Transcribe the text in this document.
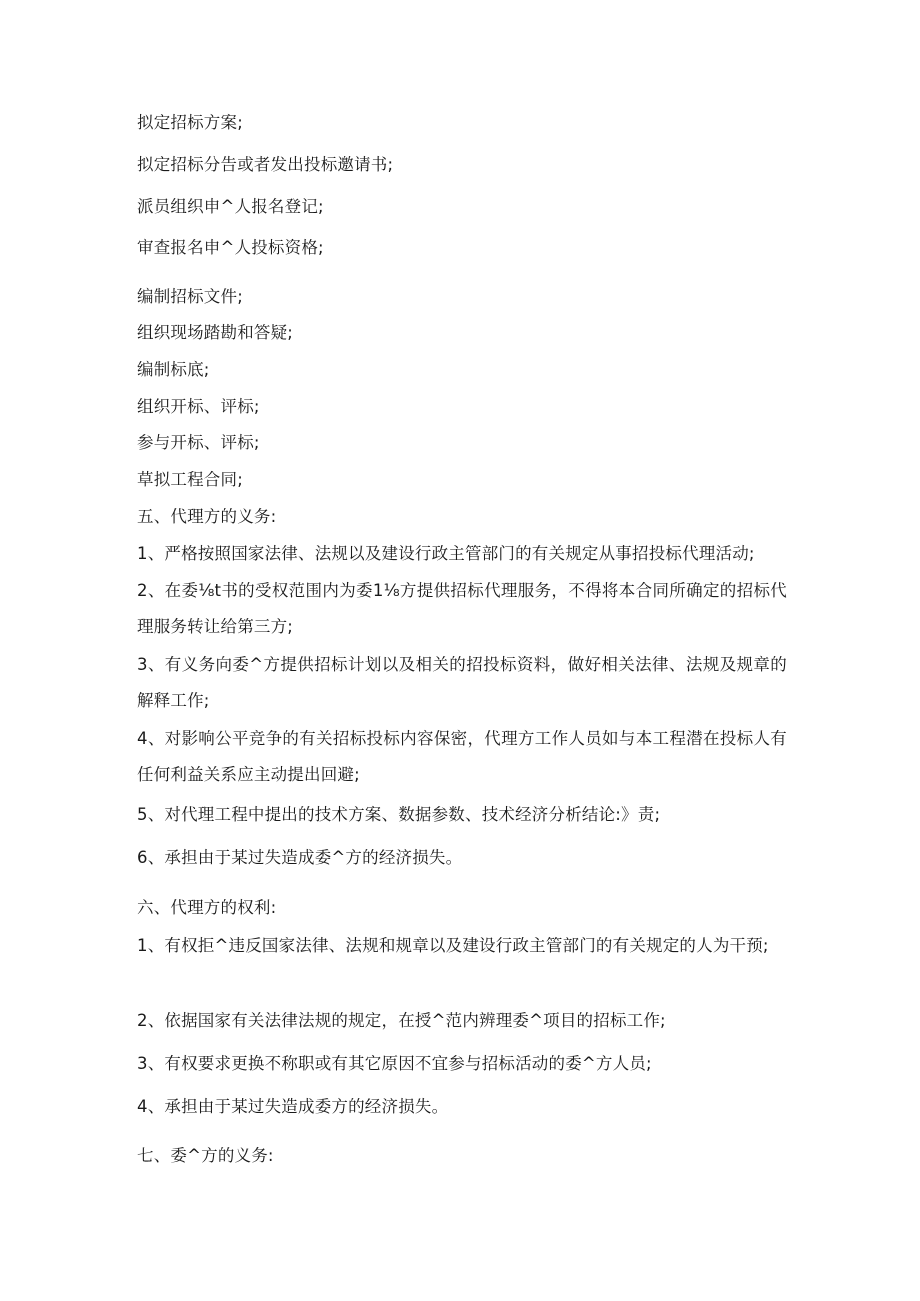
拟定招标方案;
拟定招标分告或者发出投标邀请书;
派员组织申^人报名登记;
审查报名申^人投标资格;
编制招标文件;
组织现场踏勘和答疑;
编制标底;
组织开标、评标;
参与开标、评标;
草拟工程合同;
五、代理方的义务:
1、严格按照国家法律、法规以及建设行政主管部门的有关规定从事招投标代理活动;
2、在委⅛t书的受权范围内为委1⅛方提供招标代理服务，不得将本合同所确定的招标代理服务转让给第三方;
3、有义务向委^方提供招标计划以及相关的招投标资料，做好相关法律、法规及规章的解释工作;
4、对影响公平竞争的有关招标投标内容保密，代理方工作人员如与本工程潜在投标人有任何利益关系应主动提出回避;
5、对代理工程中提出的技术方案、数据参数、技术经济分析结论:》责;
6、承担由于某过失造成委^方的经济损失。
六、代理方的权利:
1、有权拒^违反国家法律、法规和规章以及建设行政主管部门的有关规定的人为干预;
2、依据国家有关法律法规的规定，在授^范内辨理委^项目的招标工作;
3、有权要求更换不称职或有其它原因不宜参与招标活动的委^方人员;
4、承担由于某过失造成委方的经济损失。
七、委^方的义务:
